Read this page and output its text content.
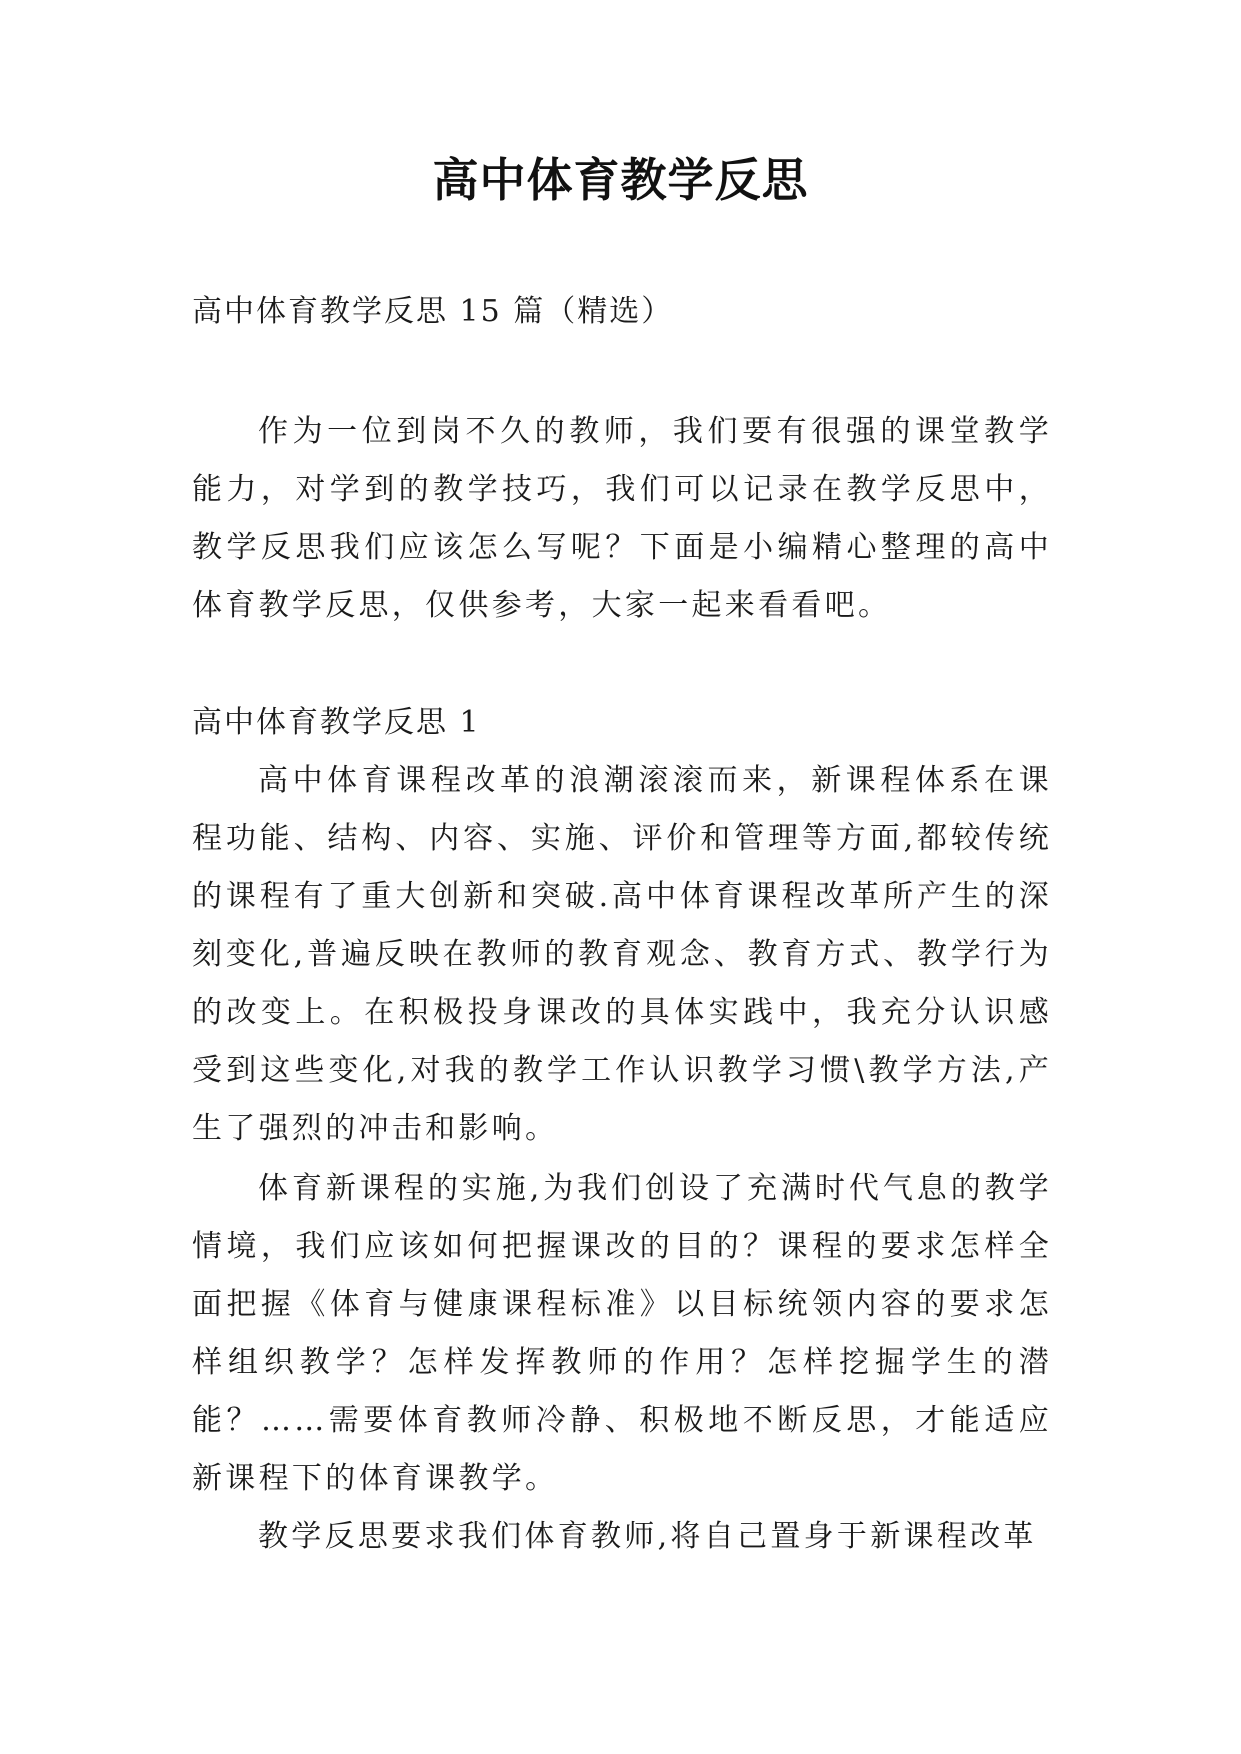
高中体育教学反思
高中体育教学反思 15 篇（精选）

作为一位到岗不久的教师，我们要有很强的课堂教学能力，对学到的教学技巧，我们可以记录在教学反思中，教学反思我们应该怎么写呢？下面是小编精心整理的高中体育教学反思，仅供参考，大家一起来看看吧。

高中体育教学反思 1

高中体育课程改革的浪潮滚滚而来，新课程体系在课程功能、结构、内容、实施、评价和管理等方面,都较传统的课程有了重大创新和突破.高中体育课程改革所产生的深刻变化,普遍反映在教师的教育观念、教育方式、教学行为的改变上。在积极投身课改的具体实践中，我充分认识感受到这些变化,对我的教学工作认识教学习惯\教学方法,产生了强烈的冲击和影响。

体育新课程的实施,为我们创设了充满时代气息的教学情境，我们应该如何把握课改的目的？课程的要求怎样全面把握《体育与健康课程标准》以目标统领内容的要求怎样组织教学？怎样发挥教师的作用？怎样挖掘学生的潜能？……需要体育教师冷静、积极地不断反思，才能适应新课程下的体育课教学。

教学反思要求我们体育教师,将自己置身于新课程改革
